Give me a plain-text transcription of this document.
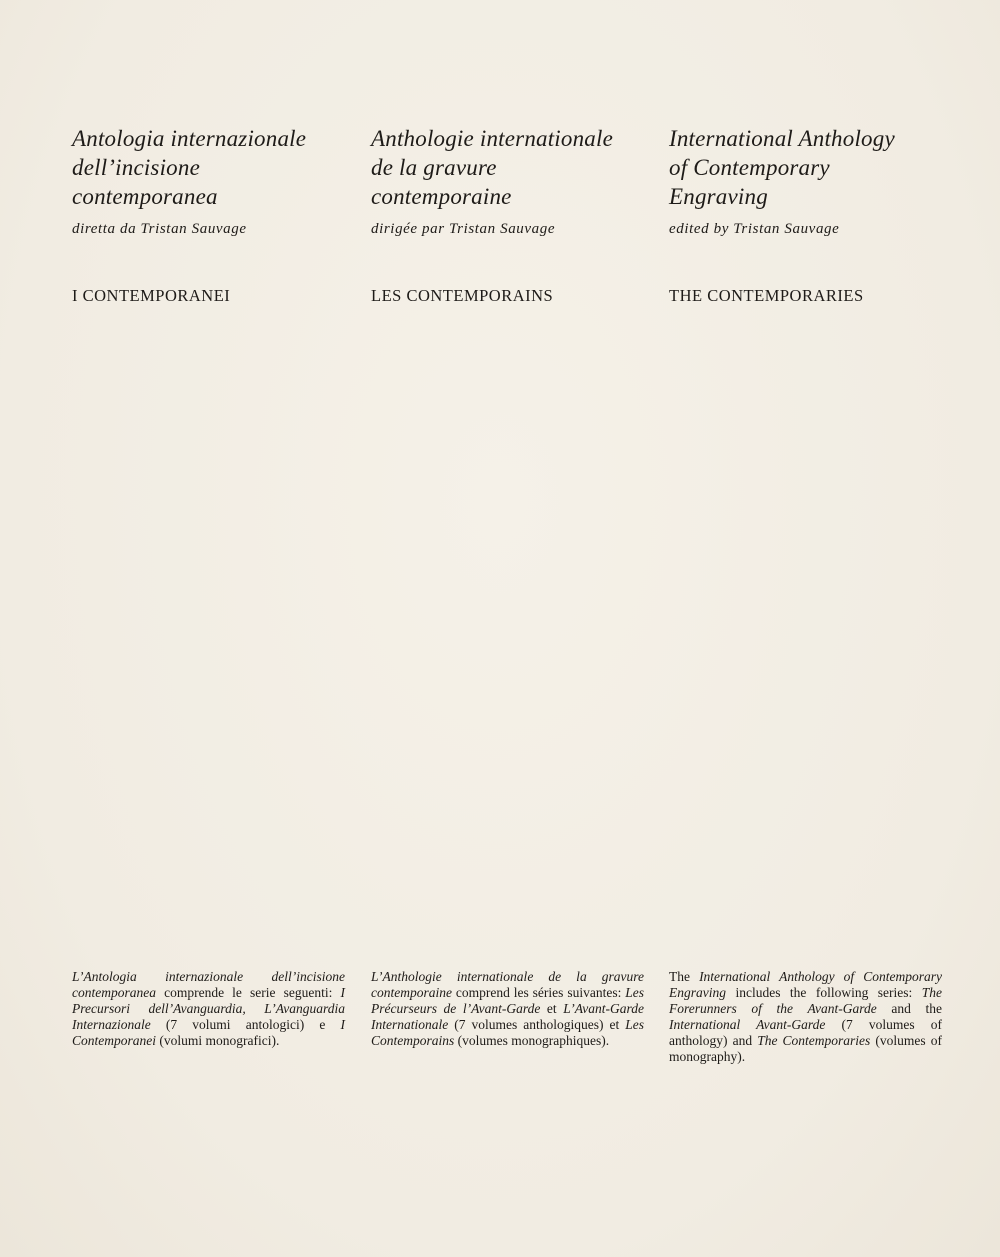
Antologia internazionale
dell’incisione
contemporanea
diretta da Tristan Sauvage
I CONTEMPORANEI
L’Antologia internazionale dell’incisione contemporanea comprende le serie seguenti: I Precursori dell’Avanguardia, L’Avanguardia Internazionale (7 volumi antologici) e I Contemporanei (volumi monografici).
Anthologie internationale
de la gravure
contemporaine
dirigée par Tristan Sauvage
LES CONTEMPORAINS
L’Anthologie internationale de la gravure contemporaine comprend les séries suivantes: Les Précurseurs de l’Avant-Garde et L’Avant-Garde Internationale (7 volumes anthologiques) et Les Contemporains (volumes monographiques).
International Anthology
of Contemporary
Engraving
edited by Tristan Sauvage
THE CONTEMPORARIES
The International Anthology of Contemporary Engraving includes the following series: The Forerunners of the Avant-Garde and the International Avant-Garde (7 volumes of anthology) and The Contemporaries (volumes of monography).
